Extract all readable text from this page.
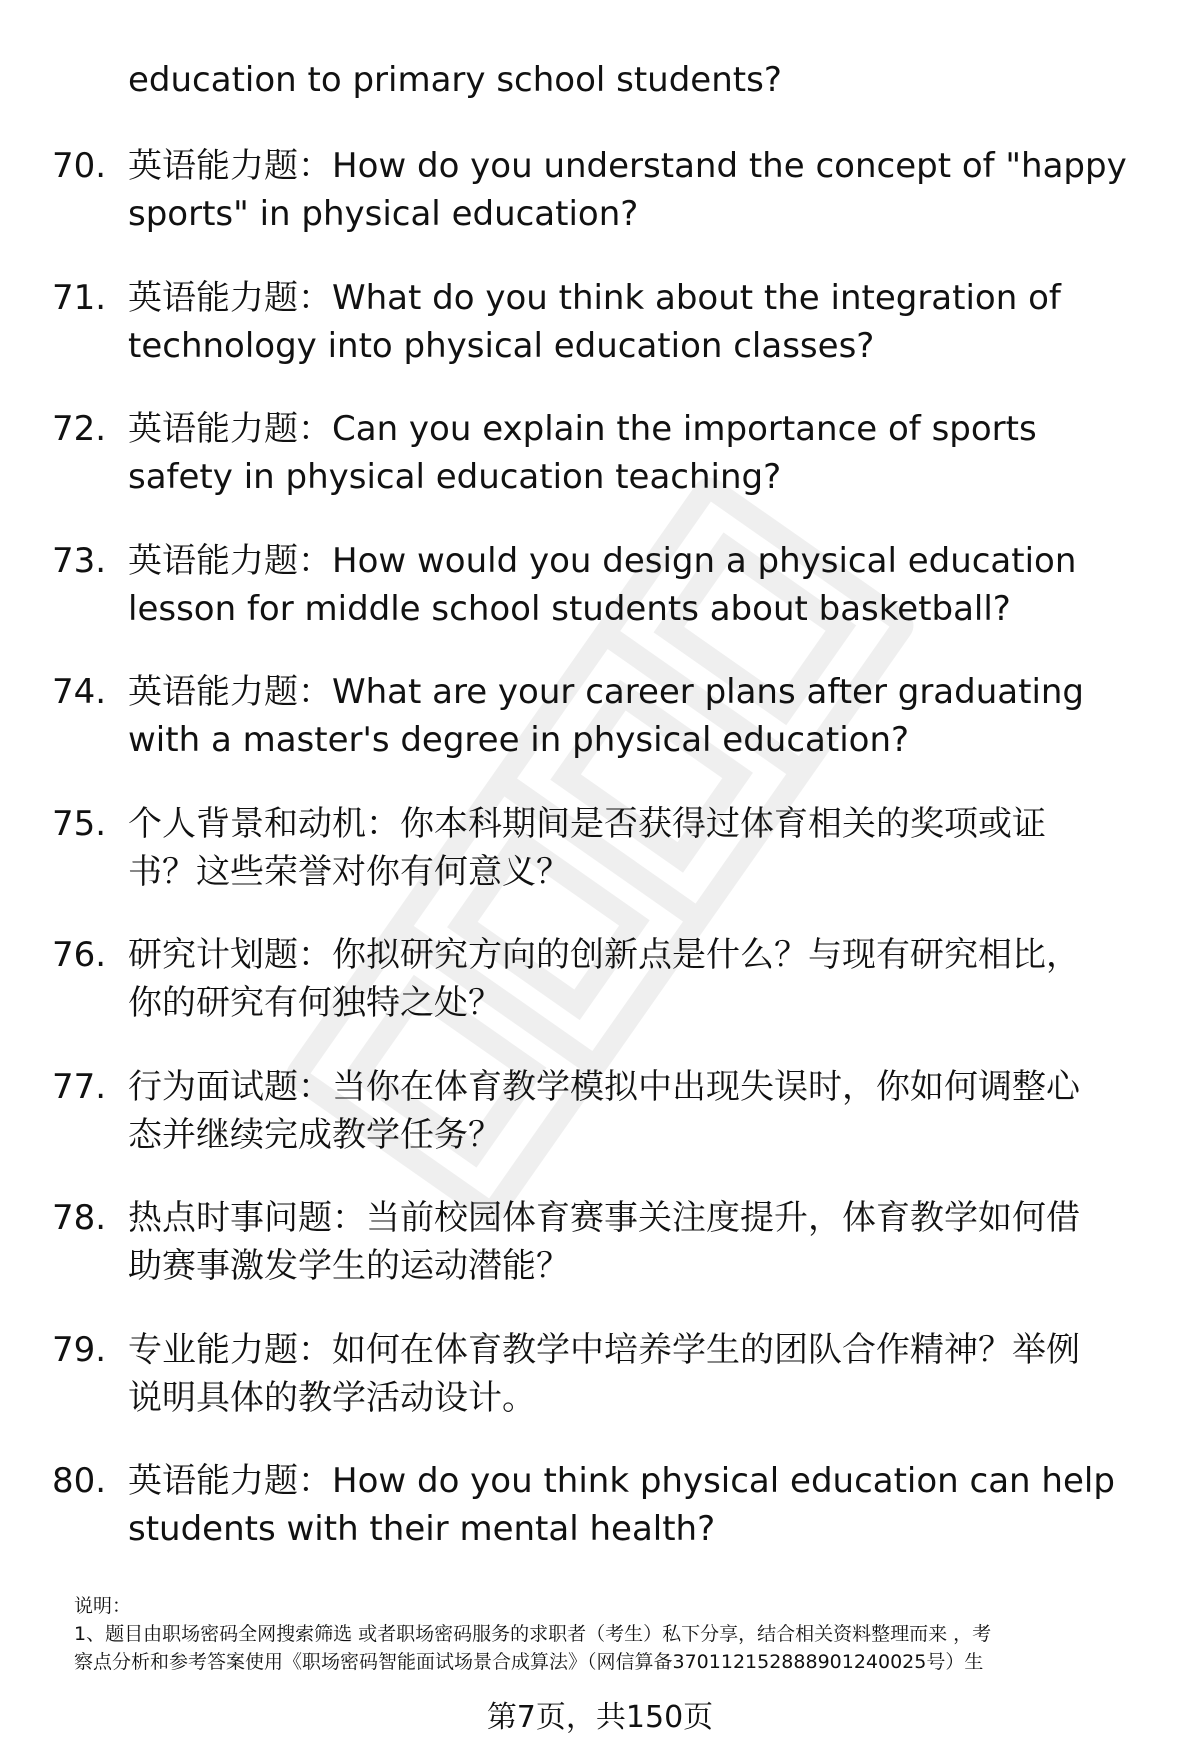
education to primary school students?
70. 英语能力题：How do you understand the concept of "happy
sports" in physical education?
71. 英语能力题：What do you think about the integration of
technology into physical education classes?
72. 英语能力题：Can you explain the importance of sports
safety in physical education teaching?
73. 英语能力题：How would you design a physical education
lesson for middle school students about basketball?
74. 英语能力题：What are your career plans after graduating
with a master's degree in physical education?
75. 个人背景和动机：你本科期间是否获得过体育相关的奖项或证
书？这些荣誉对你有何意义？
76. 研究计划题：你拟研究方向的创新点是什么？与现有研究相比，
你的研究有何独特之处？
77. 行为面试题：当你在体育教学模拟中出现失误时，你如何调整心
态并继续完成教学任务？
78. 热点时事问题：当前校园体育赛事关注度提升，体育教学如何借
助赛事激发学生的运动潜能？
79. 专业能力题：如何在体育教学中培养学生的团队合作精神？举例
说明具体的教学活动设计。
80. 英语能力题：How do you think physical education can help
students with their mental health?
说明：
1、题目由职场密码全网搜索筛选 或者职场密码服务的求职者（考生）私下分享，结合相关资料整理而来 ，考
察点分析和参考答案使用《职场密码智能面试场景合成算法》（网信算备370112152888901240025号）生
第7页，共150页
